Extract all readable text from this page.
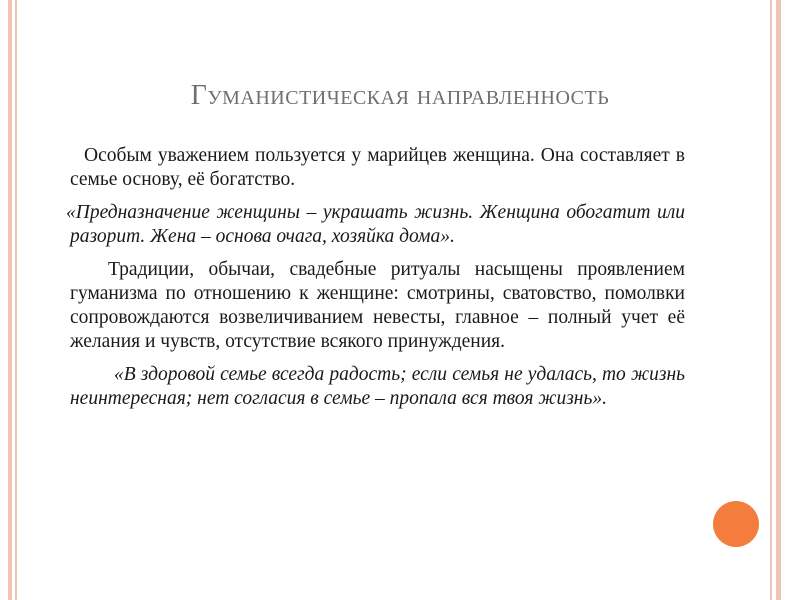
Гуманистическая направленность

Особым уважением пользуется у марийцев женщина. Она составляет в семье основу, её богатство.

«Предназначение женщины – украшать жизнь. Женщина обогатит или разорит. Жена – основа очага, хозяйка дома».

Традиции, обычаи, свадебные ритуалы насыщены проявлением гуманизма по отношению к женщине: смотрины, сватовство, помолвки сопровождаются возвеличиванием невесты, главное – полный учет её желания и чувств, отсутствие всякого принуждения.

«В здоровой семье всегда радость; если семья не удалась, то жизнь неинтересная; нет согласия в семье – пропала вся твоя жизнь».
